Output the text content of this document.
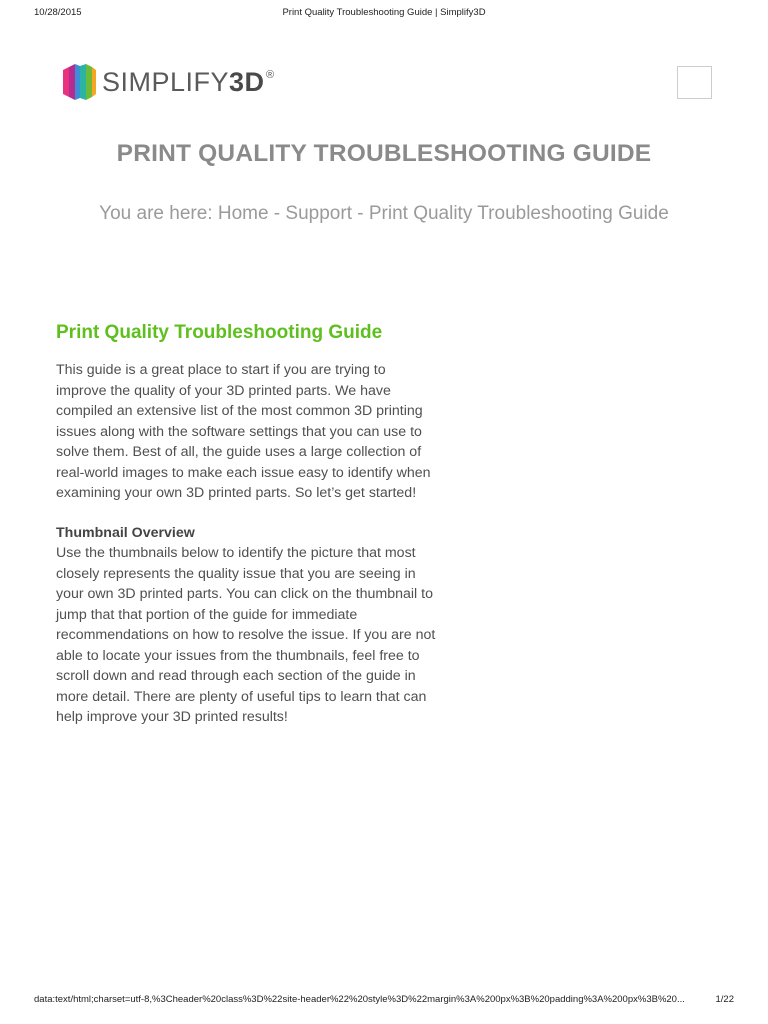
10/28/2015	Print Quality Troubleshooting Guide | Simplify3D
SIMPLIFY3D ®
PRINT QUALITY TROUBLESHOOTING GUIDE
You are here: Home - Support - Print Quality Troubleshooting Guide
Print Quality Troubleshooting Guide

This guide is a great place to start if you are trying to
improve the quality of your 3D printed parts. We have
compiled an extensive list of the most common 3D printing
issues along with the software settings that you can use to
solve them. Best of all, the guide uses a large collection of
real-world images to make each issue easy to identify when
examining your own 3D printed parts. So let’s get started!

Thumbnail Overview

Use the thumbnails below to identify the picture that most
closely represents the quality issue that you are seeing in
your own 3D printed parts. You can click on the thumbnail to
jump that that portion of the guide for immediate
recommendations on how to resolve the issue. If you are not
able to locate your issues from the thumbnails, feel free to
scroll down and read through each section of the guide in
more detail. There are plenty of useful tips to learn that can
help improve your 3D printed results!

data:text/html;charset=utf-8,%3Cheader%20class%3D%22site-header%22%20style%3D%22margin%3A%200px%3B%20padding%3A%200px%3B%20...	1/22
